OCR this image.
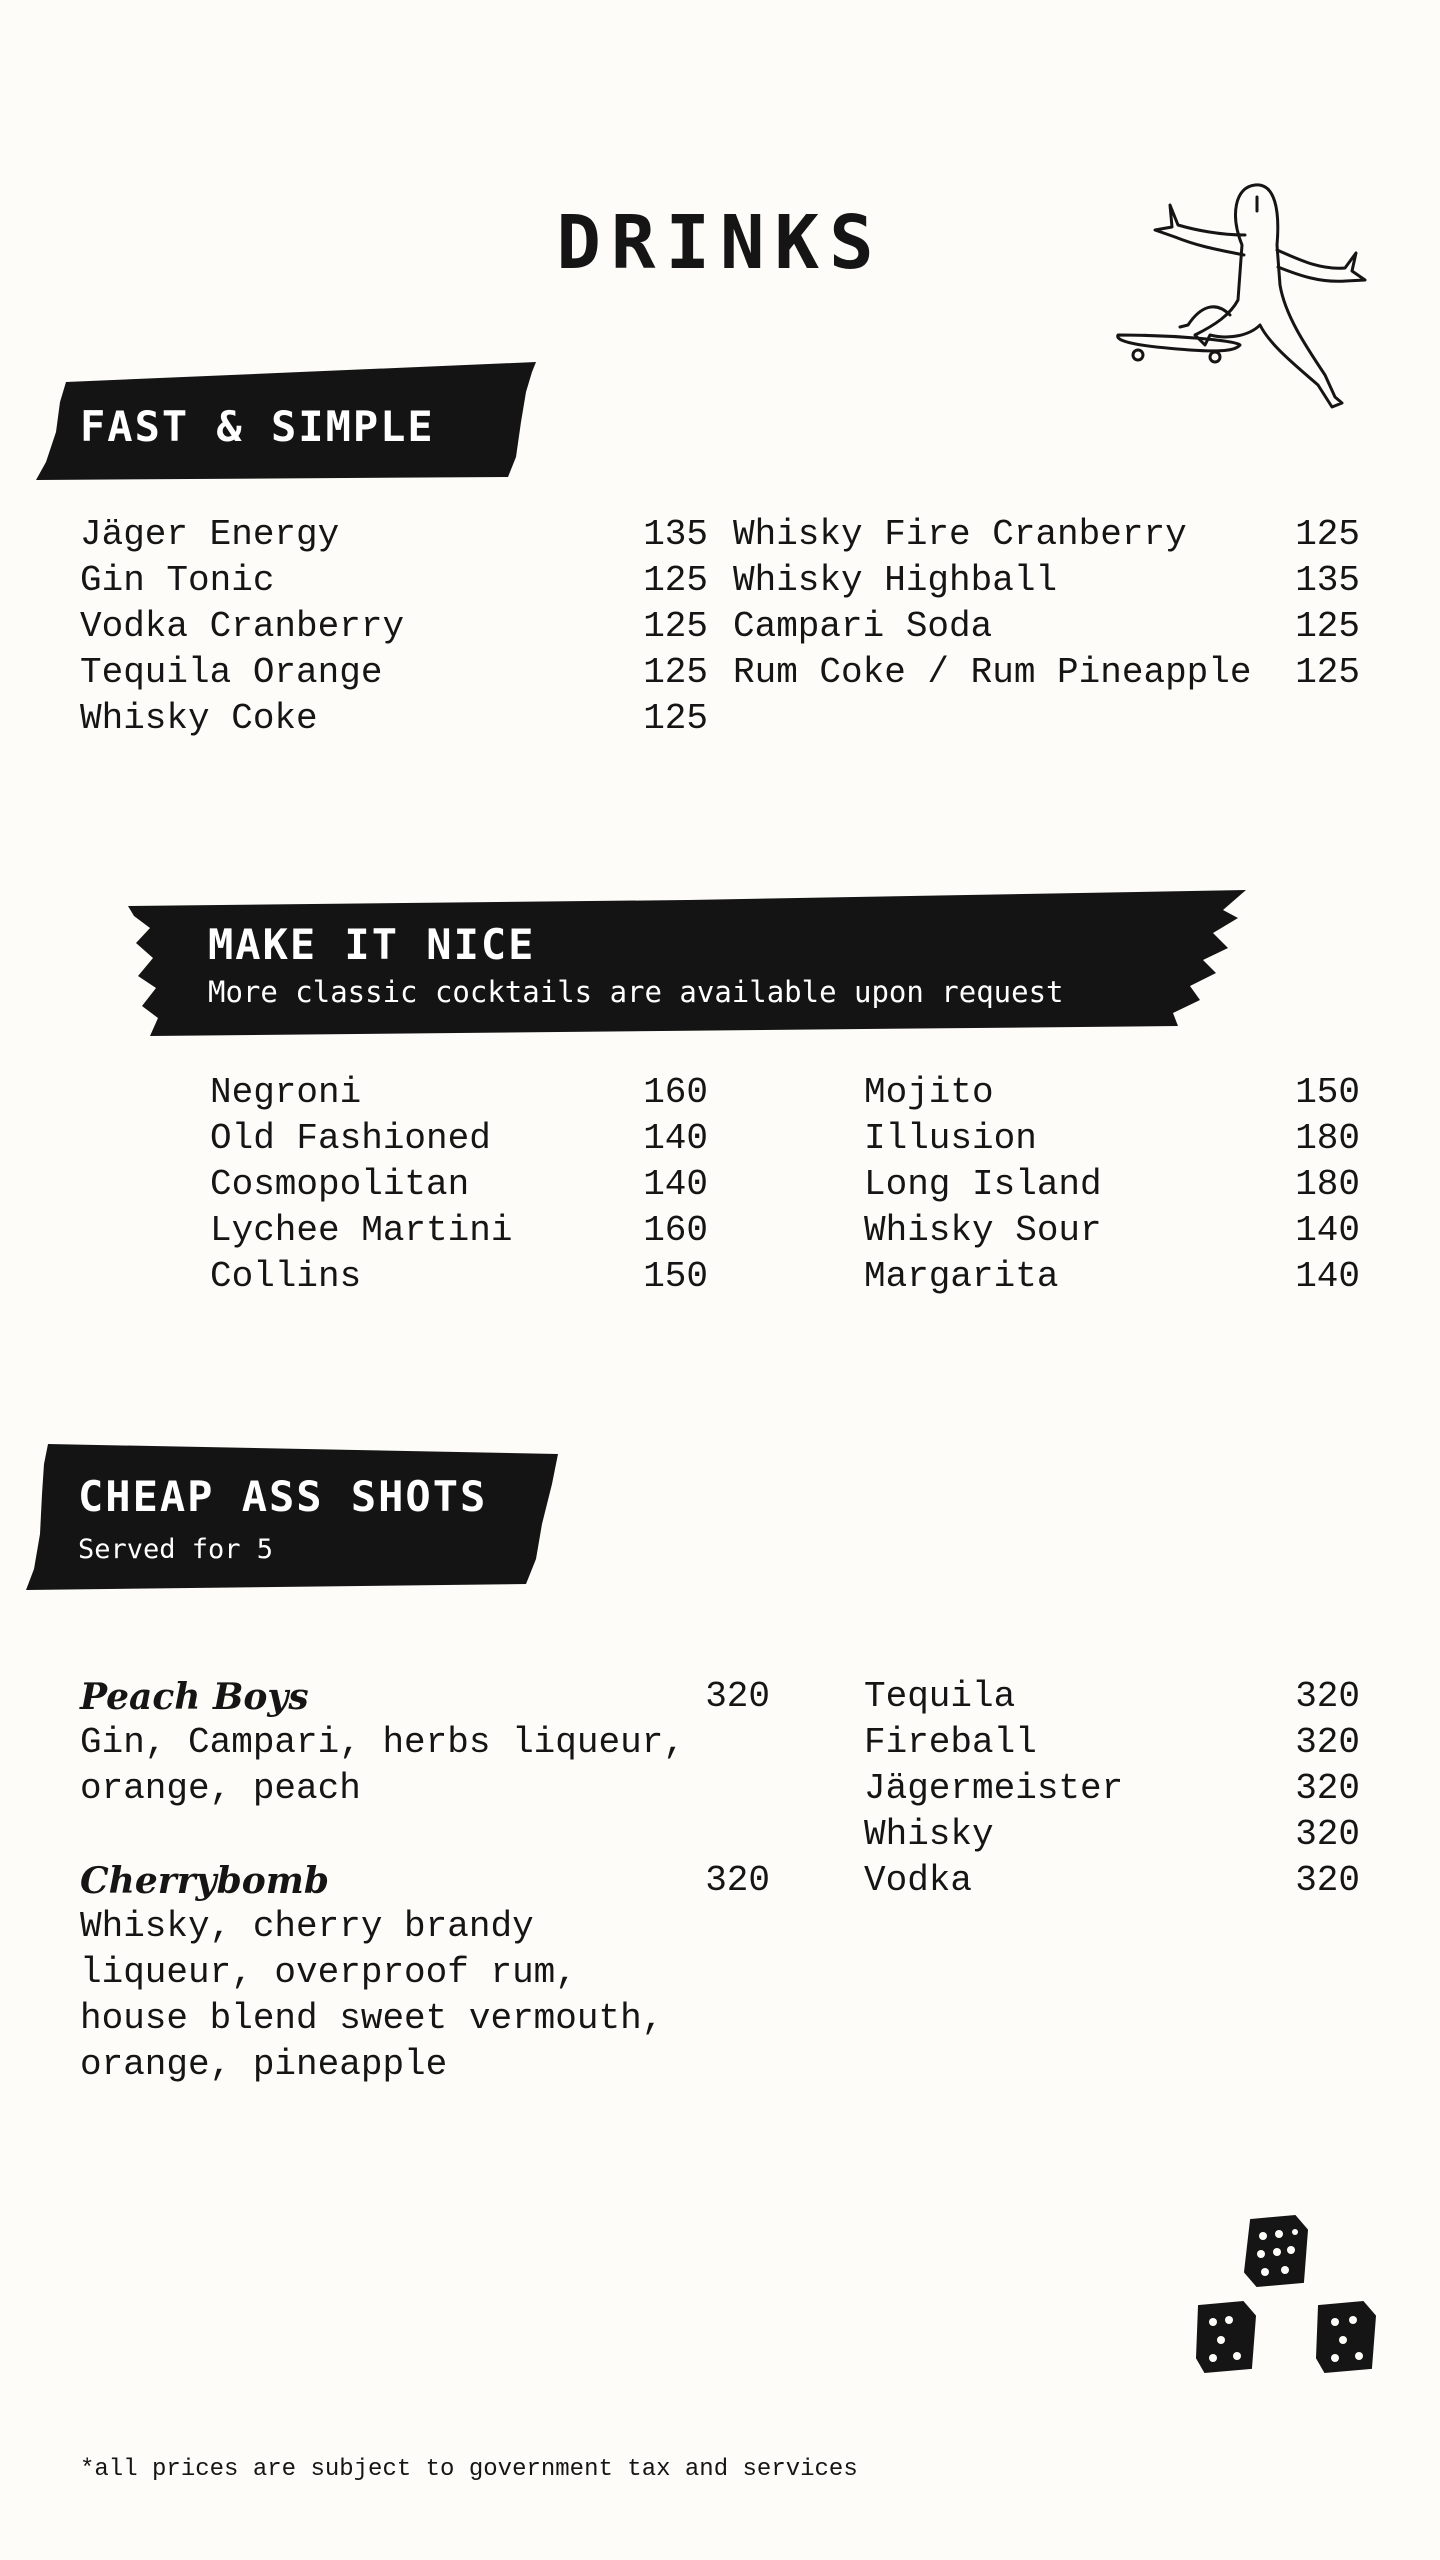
DRINKS
FAST & SIMPLE
Jäger Energy	135
Gin Tonic	125
Vodka Cranberry	125
Tequila Orange	125
Whisky Coke	125
Whisky Fire Cranberry	125
Whisky Highball	135
Campari Soda	125
Rum Coke / Rum Pineapple 125
MAKE IT NICE
More classic cocktails are available upon request
Negroni	160
Old Fashioned	140
Cosmopolitan	140
Lychee Martini	160
Collins	150
Mojito	150
Illusion	180
Long Island	180
Whisky Sour	140
Margarita	140
CHEAP ASS SHOTS
Served for 5
Peach Boys	320
Gin, Campari, herbs liqueur,
orange, peach
Cherrybomb	320
Whisky, cherry brandy
liqueur, overproof rum,
house blend sweet vermouth,
orange, pineapple
Tequila	320
Fireball	320
Jägermeister	320
Whisky	320
Vodka	320
*all prices are subject to government tax and services
